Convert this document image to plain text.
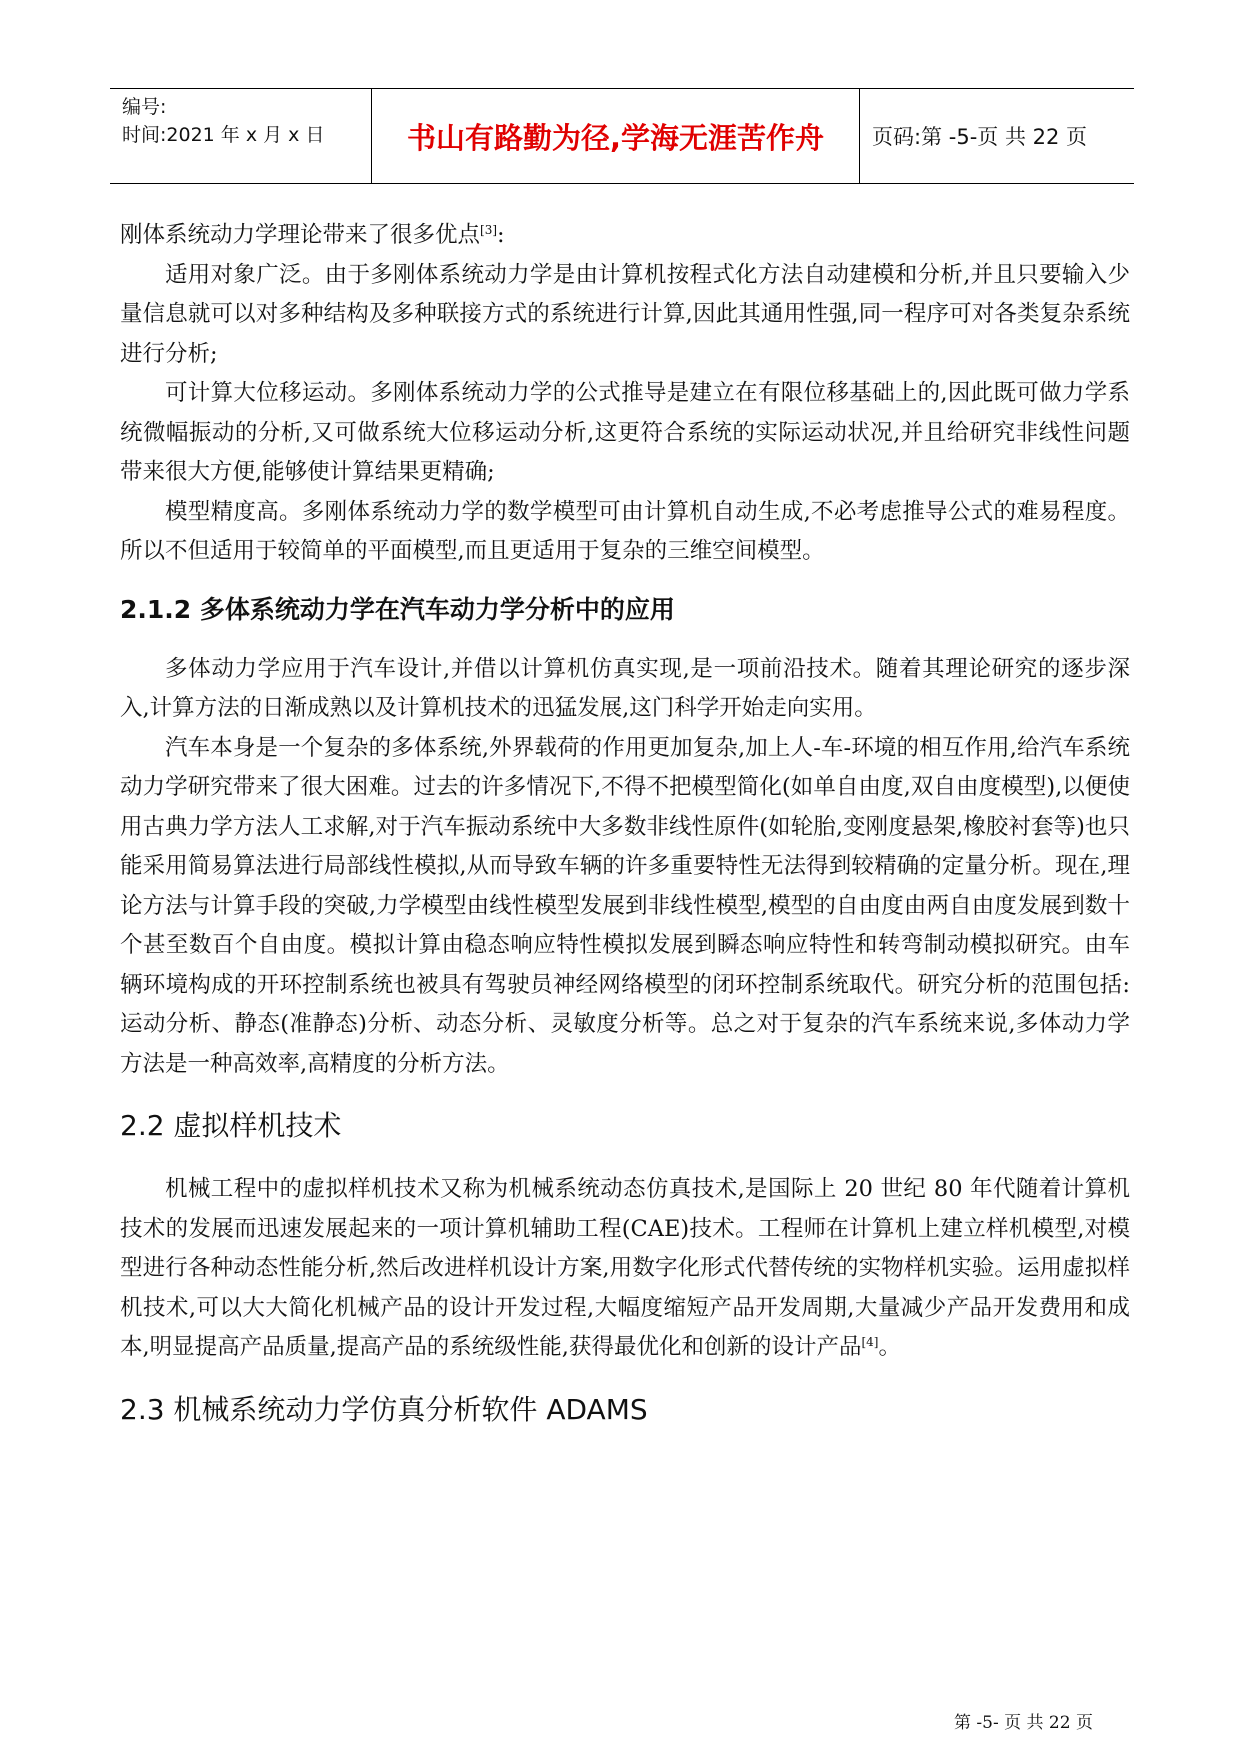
编号:
时间:2021 年 x 月 x 日	书山有路勤为径,学海无涯苦作舟	页码:第 -5-页 共 22 页

刚体系统动力学理论带来了很多优点[3]:

适用对象广泛。由于多刚体系统动力学是由计算机按程式化方法自动建模和分析,并且只要输入少量信息就可以对多种结构及多种联接方式的系统进行计算,因此其通用性强,同一程序可对各类复杂系统进行分析;

可计算大位移运动。多刚体系统动力学的公式推导是建立在有限位移基础上的,因此既可做力学系统微幅振动的分析,又可做系统大位移运动分析,这更符合系统的实际运动状况,并且给研究非线性问题带来很大方便,能够使计算结果更精确;

模型精度高。多刚体系统动力学的数学模型可由计算机自动生成,不必考虑推导公式的难易程度。所以不但适用于较简单的平面模型,而且更适用于复杂的三维空间模型。

2.1.2 多体系统动力学在汽车动力学分析中的应用

多体动力学应用于汽车设计,并借以计算机仿真实现,是一项前沿技术。随着其理论研究的逐步深入,计算方法的日渐成熟以及计算机技术的迅猛发展,这门科学开始走向实用。

汽车本身是一个复杂的多体系统,外界载荷的作用更加复杂,加上人-车-环境的相互作用,给汽车系统动力学研究带来了很大困难。过去的许多情况下,不得不把模型简化(如单自由度,双自由度模型),以便使用古典力学方法人工求解,对于汽车振动系统中大多数非线性原件(如轮胎,变刚度悬架,橡胶衬套等)也只能采用简易算法进行局部线性模拟,从而导致车辆的许多重要特性无法得到较精确的定量分析。现在,理论方法与计算手段的突破,力学模型由线性模型发展到非线性模型,模型的自由度由两自由度发展到数十个甚至数百个自由度。模拟计算由稳态响应特性模拟发展到瞬态响应特性和转弯制动模拟研究。由车辆环境构成的开环控制系统也被具有驾驶员神经网络模型的闭环控制系统取代。研究分析的范围包括:运动分析、静态(准静态)分析、动态分析、灵敏度分析等。总之对于复杂的汽车系统来说,多体动力学方法是一种高效率,高精度的分析方法。

2.2 虚拟样机技术

机械工程中的虚拟样机技术又称为机械系统动态仿真技术,是国际上 20 世纪 80 年代随着计算机技术的发展而迅速发展起来的一项计算机辅助工程(CAE)技术。工程师在计算机上建立样机模型,对模型进行各种动态性能分析,然后改进样机设计方案,用数字化形式代替传统的实物样机实验。运用虚拟样机技术,可以大大简化机械产品的设计开发过程,大幅度缩短产品开发周期,大量减少产品开发费用和成本,明显提高产品质量,提高产品的系统级性能,获得最优化和创新的设计产品[4]。

2.3 机械系统动力学仿真分析软件 ADAMS
第 -5- 页 共 22 页
